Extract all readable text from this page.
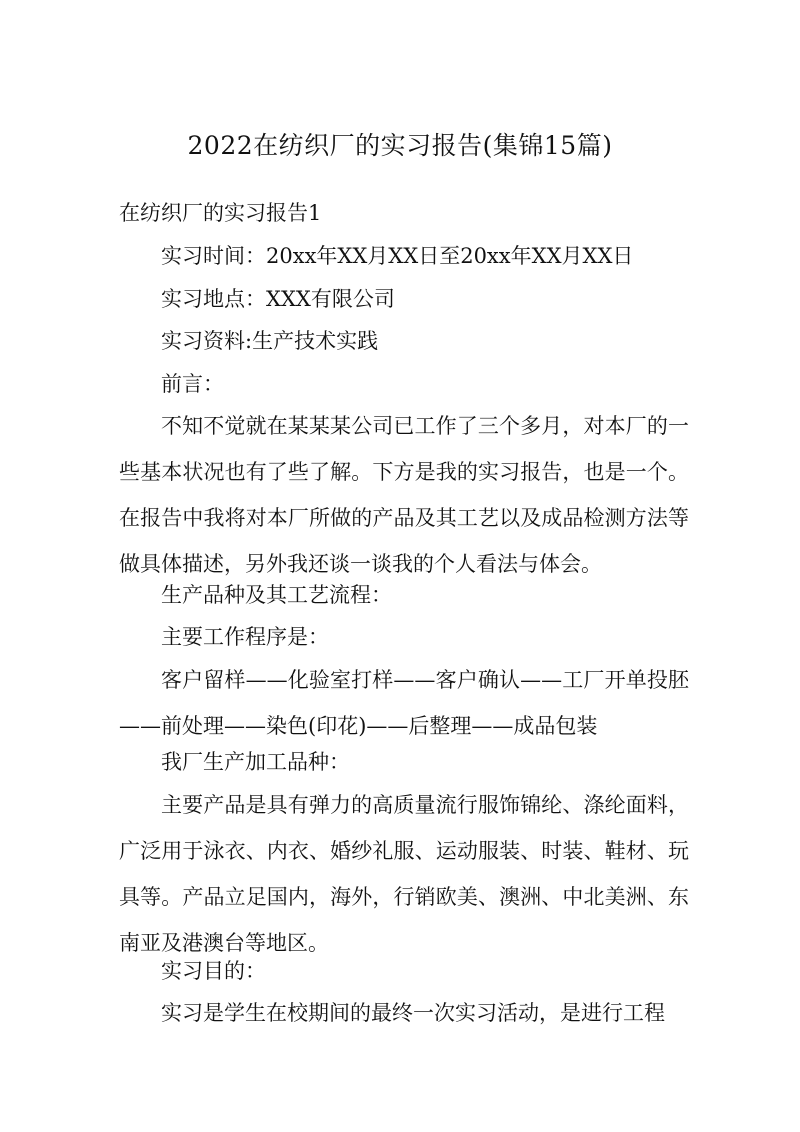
2022在纺织厂的实习报告(集锦15篇)
在纺织厂的实习报告1
实习时间：20xx年XX月XX日至20xx年XX月XX日
实习地点：XXX有限公司
实习资料:生产技术实践
前言：

不知不觉就在某某某公司已工作了三个多月，对本厂的一些基本状况也有了些了解。下方是我的实习报告，也是一个。在报告中我将对本厂所做的产品及其工艺以及成品检测方法等做具体描述，另外我还谈一谈我的个人看法与体会。

生产品种及其工艺流程：
主要工作程序是：

客户留样——化验室打样——客户确认——工厂开单投胚——前处理——染色(印花)——后整理——成品包装

我厂生产加工品种：

主要产品是具有弹力的高质量流行服饰锦纶、涤纶面料，广泛用于泳衣、内衣、婚纱礼服、运动服装、时装、鞋材、玩具等。产品立足国内，海外，行销欧美、澳洲、中北美洲、东南亚及港澳台等地区。

实习目的：

实习是学生在校期间的最终一次实习活动，是进行工程
